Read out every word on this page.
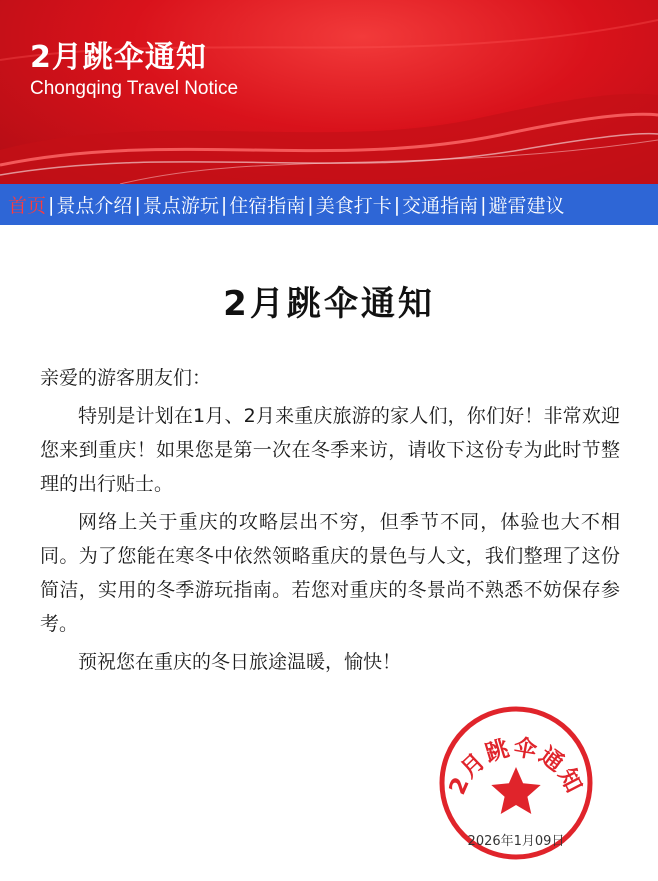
2月跳伞通知
Chongqing Travel Notice
首页 | 景点介绍 | 景点游玩 | 住宿指南 | 美食打卡 | 交通指南 | 避雷建议
2月跳伞通知

亲爱的游客朋友们：

特别是计划在1月、2月来重庆旅游的家人们，你们好！非常欢迎您来到重庆！如果您是第一次在冬季来访，请收下这份专为此时节整理的出行贴士。

网络上关于重庆的攻略层出不穷，但季节不同，体验也大不相同。为了您能在寒冬中依然领略重庆的景色与人文，我们整理了这份简洁，实用的冬季游玩指南。若您对重庆的冬景尚不熟悉不妨保存参考。

预祝您在重庆的冬日旅途温暖，愉快！

2月跳伞通知
2026年1月09日
